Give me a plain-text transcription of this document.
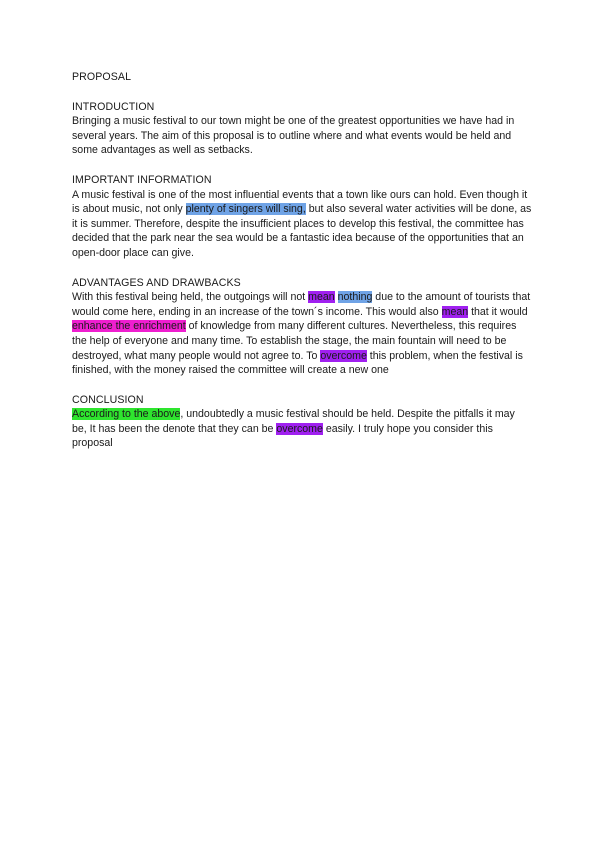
PROPOSAL

INTRODUCTION

Bringing a music festival to our town might be one of the greatest opportunities we have had in several years. The aim of this proposal is to outline where and what events would be held and some advantages as well as setbacks.

IMPORTANT INFORMATION

A music festival is one of the most influential events that a town like ours can hold. Even though it is about music, not only plenty of singers will sing, but also several water activities will be done, as it is summer. Therefore, despite the insufficient places to develop this festival, the committee has decided that the park near the sea would be a fantastic idea because of the opportunities that an open-door place can give.

ADVANTAGES AND DRAWBACKS

With this festival being held, the outgoings will not mean nothing due to the amount of tourists that would come here, ending in an increase of the town´s income. This would also mean that it would enhance the enrichment of knowledge from many different cultures. Nevertheless, this requires the help of everyone and many time. To establish the stage, the main fountain will need to be destroyed, what many people would not agree to. To overcome this problem, when the festival is finished, with the money raised the committee will create a new one

CONCLUSION

According to the above, undoubtedly a music festival should be held. Despite the pitfalls it may be, It has been the denote that they can be overcome easily. I truly hope you consider this proposal
